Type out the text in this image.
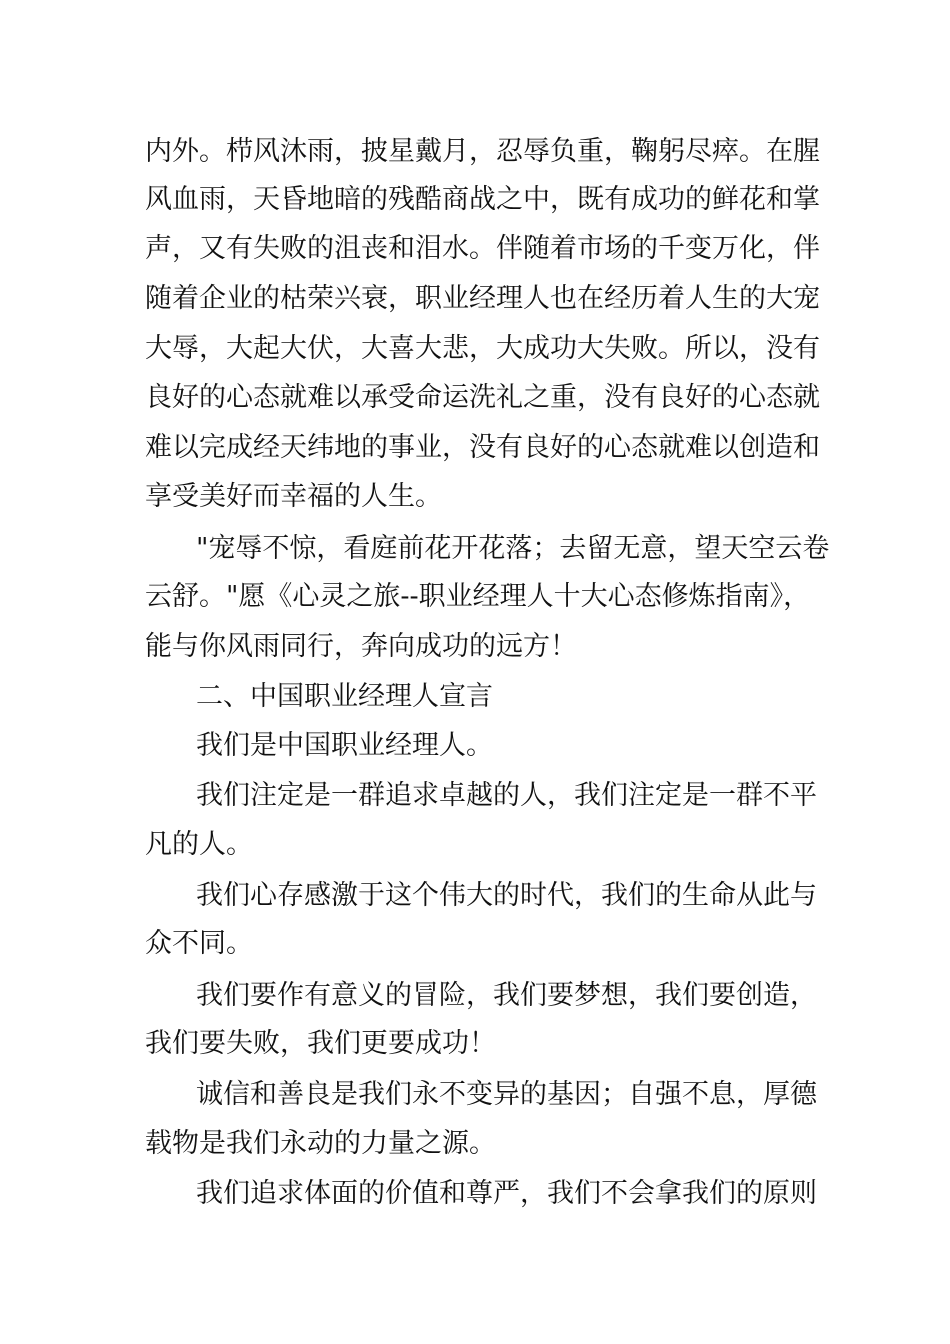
内外。栉风沐雨，披星戴月，忍辱负重，鞠躬尽瘁。在腥
风血雨，天昏地暗的残酷商战之中，既有成功的鲜花和掌
声，又有失败的沮丧和泪水。伴随着市场的千变万化，伴
随着企业的枯荣兴衰，职业经理人也在经历着人生的大宠
大辱，大起大伏，大喜大悲，大成功大失败。所以，没有
良好的心态就难以承受命运洗礼之重，没有良好的心态就
难以完成经天纬地的事业，没有良好的心态就难以创造和
享受美好而幸福的人生。
"宠辱不惊，看庭前花开花落；去留无意，望天空云卷
云舒。"愿《心灵之旅--职业经理人十大心态修炼指南》，
能与你风雨同行，奔向成功的远方！
二、中国职业经理人宣言
我们是中国职业经理人。
我们注定是一群追求卓越的人，我们注定是一群不平
凡的人。
我们心存感激于这个伟大的时代，我们的生命从此与
众不同。
我们要作有意义的冒险，我们要梦想，我们要创造，
我们要失败，我们更要成功！
诚信和善良是我们永不变异的基因；自强不息，厚德
载物是我们永动的力量之源。
我们追求体面的价值和尊严，我们不会拿我们的原则
